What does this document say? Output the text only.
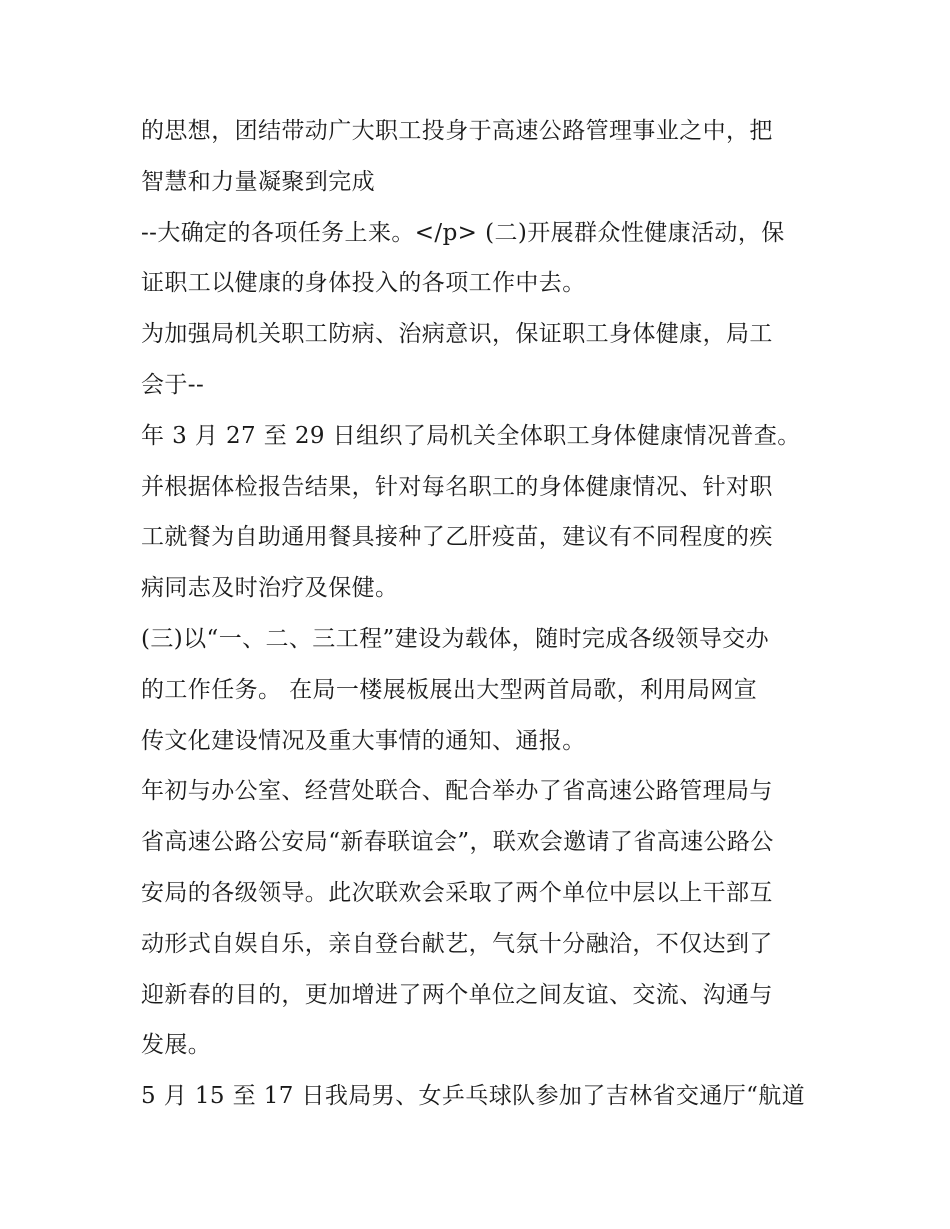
的思想，团结带动广大职工投身于高速公路管理事业之中，把
智慧和力量凝聚到完成
--大确定的各项任务上来。</p> (二)开展群众性健康活动，保
证职工以健康的身体投入的各项工作中去。
为加强局机关职工防病、治病意识，保证职工身体健康，局工
会于--
年 3 月 27 至 29 日组织了局机关全体职工身体健康情况普查。
并根据体检报告结果，针对每名职工的身体健康情况、针对职
工就餐为自助通用餐具接种了乙肝疫苗，建议有不同程度的疾
病同志及时治疗及保健。
(三)以“一、二、三工程”建设为载体，随时完成各级领导交办
的工作任务。 在局一楼展板展出大型两首局歌，利用局网宣
传文化建设情况及重大事情的通知、通报。
年初与办公室、经营处联合、配合举办了省高速公路管理局与
省高速公路公安局“新春联谊会”，联欢会邀请了省高速公路公
安局的各级领导。此次联欢会采取了两个单位中层以上干部互
动形式自娱自乐，亲自登台献艺，气氛十分融洽，不仅达到了
迎新春的目的，更加增进了两个单位之间友谊、交流、沟通与
发展。
5 月 15 至 17 日我局男、女乒乓球队参加了吉林省交通厅“航道
